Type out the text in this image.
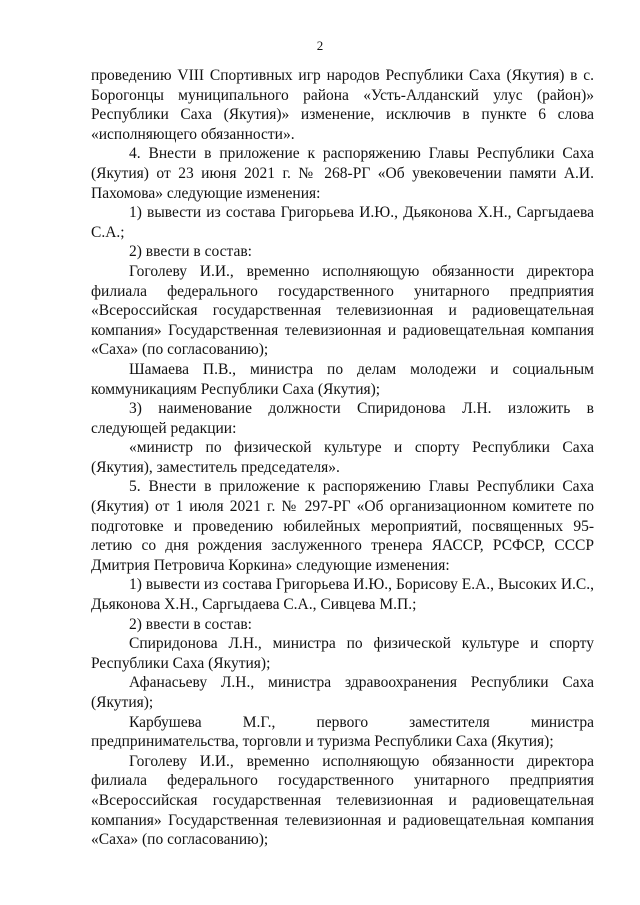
2

проведению VIII Спортивных игр народов Республики Саха (Якутия) в с. Борогонцы муниципального района «Усть-Алданский улус (район)» Республики Саха (Якутия)» изменение, исключив в пункте 6 слова «исполняющего обязанности».

4. Внести в приложение к распоряжению Главы Республики Саха (Якутия) от 23 июня 2021 г. № 268-РГ «Об увековечении памяти А.И. Пахомова» следующие изменения:

1) вывести из состава Григорьева И.Ю., Дьяконова Х.Н., Саргыдаева С.А.;

2) ввести в состав:

Гоголеву И.И., временно исполняющую обязанности директора филиала федерального государственного унитарного предприятия «Всероссийская государственная телевизионная и радиовещательная компания» Государственная телевизионная и радиовещательная компания «Саха» (по согласованию);

Шамаева П.В., министра по делам молодежи и социальным коммуникациям Республики Саха (Якутия);

3) наименование должности Спиридонова Л.Н. изложить в следующей редакции:

«министр по физической культуре и спорту Республики Саха (Якутия), заместитель председателя».

5. Внести в приложение к распоряжению Главы Республики Саха (Якутия) от 1 июля 2021 г. № 297-РГ «Об организационном комитете по подготовке и проведению юбилейных мероприятий, посвященных 95-летию со дня рождения заслуженного тренера ЯАССР, РСФСР, СССР Дмитрия Петровича Коркина» следующие изменения:

1) вывести из состава Григорьева И.Ю., Борисову Е.А., Высоких И.С., Дьяконова Х.Н., Саргыдаева С.А., Сивцева М.П.;

2) ввести в состав:

Спиридонова Л.Н., министра по физической культуре и спорту Республики Саха (Якутия);

Афанасьеву Л.Н., министра здравоохранения Республики Саха (Якутия);

Карбушева М.Г., первого заместителя министра предпринимательства, торговли и туризма Республики Саха (Якутия);

Гоголеву И.И., временно исполняющую обязанности директора филиала федерального государственного унитарного предприятия «Всероссийская государственная телевизионная и радиовещательная компания» Государственная телевизионная и радиовещательная компания «Саха» (по согласованию);
